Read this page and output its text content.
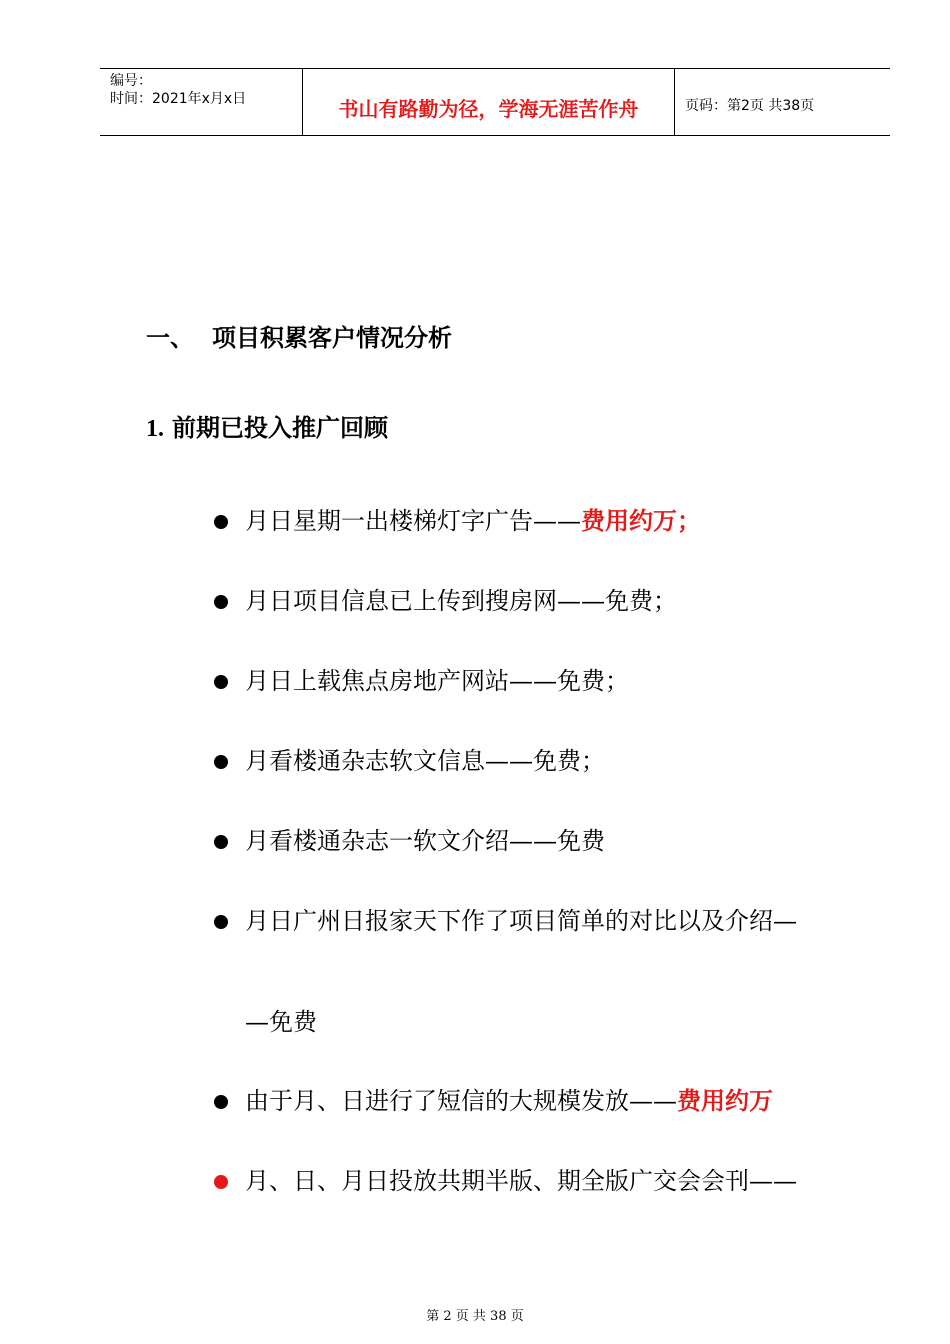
编号：
时间：2021年x月x日	书山有路勤为径，学海无涯苦作舟	页码：第2页 共38页
一、 项目积累客户情况分析
1. 前期已投入推广回顾
月日星期一出楼梯灯字广告——费用约万；
月日项目信息已上传到搜房网——免费；
月日上载焦点房地产网站——免费；
月看楼通杂志软文信息——免费；
月看楼通杂志一软文介绍——免费
月日广州日报家天下作了项目简单的对比以及介绍—
—免费
由于月、日进行了短信的大规模发放——费用约万
月、日、月日投放共期半版、期全版广交会会刊——
第 2 页 共 38 页
